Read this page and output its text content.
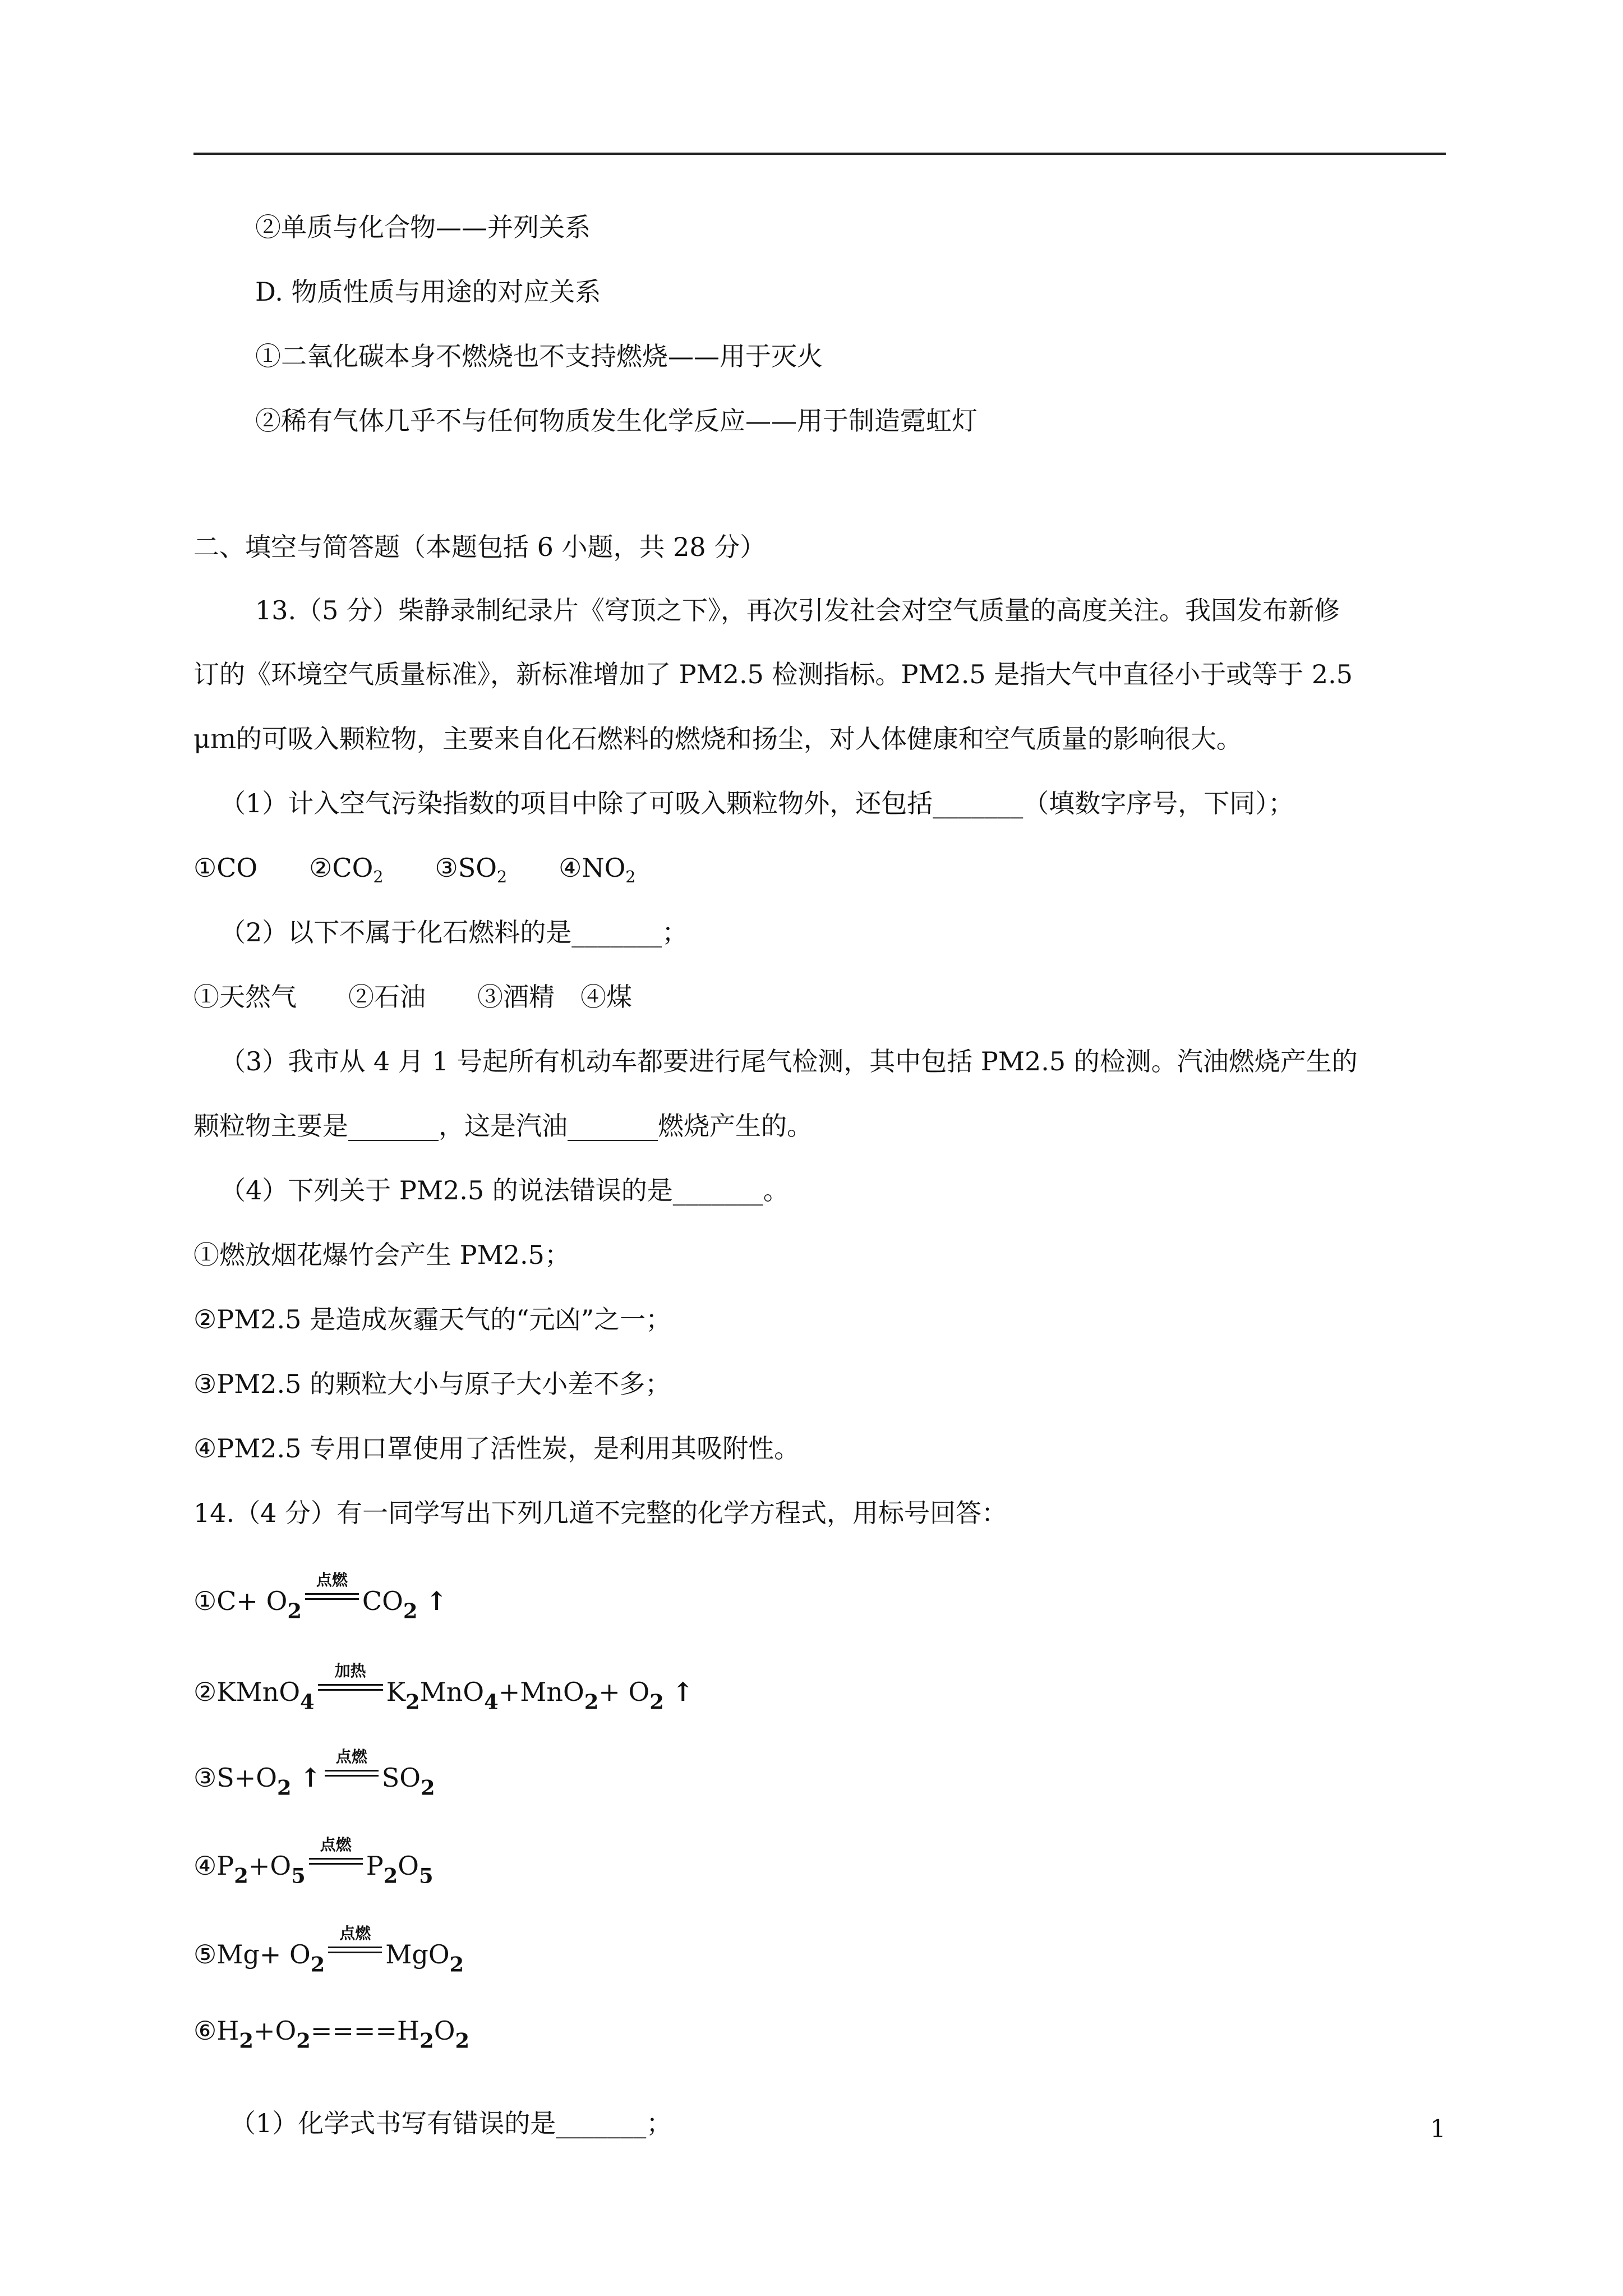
②单质与化合物——并列关系
D. 物质性质与用途的对应关系
①二氧化碳本身不燃烧也不支持燃烧——用于灭火
②稀有气体几乎不与任何物质发生化学反应——用于制造霓虹灯
二、填空与简答题（本题包括 6 小题，共 28 分）
13.（5 分）柴静录制纪录片《穹顶之下》，再次引发社会对空气质量的高度关注。我国发布新修
订的《环境空气质量标准》，新标准增加了 PM2.5 检测指标。PM2.5 是指大气中直径小于或等于 2.5
μｍ的可吸入颗粒物，主要来自化石燃料的燃烧和扬尘，对人体健康和空气质量的影响很大。
（1）计入空气污染指数的项目中除了可吸入颗粒物外，还包括_______（填数字序号，下同）；
①CO   $②CO_2$   $③SO_2$   $④NO_2$
（2）以下不属于化石燃料的是_______；
①天然气　　②石油　　③酒精　④煤
（3）我市从 4 月 1 号起所有机动车都要进行尾气检测，其中包括 PM2.5 的检测。汽油燃烧产生的
颗粒物主要是_______，这是汽油_______燃烧产生的。
（4）下列关于 PM2.5 的说法错误的是_______。
①燃放烟花爆竹会产生 PM2.5；
②PM2.5 是造成灰霾天气的“元凶”之一；
③PM2.5 的颗粒大小与原子大小差不多；
④PM2.5 专用口罩使用了活性炭，是利用其吸附性。
14.（4 分）有一同学写出下列几道不完整的化学方程式，用标号回答：
①C+ $O_2$
点燃
$CO_2$ ↑
②KMnO$_4$
加热
$K_2MnO_4+MnO_2+ O_2$ ↑
$③S+O_2$ ↑
点燃
$SO_2$
$④P_2+O_5$
点燃
$P_2O_5$
⑤Mg+ $O_2$
点燃
MgO$_2$
$⑥H_2+O_2====H_2O_2$
（1）化学式书写有错误的是_______；	1
